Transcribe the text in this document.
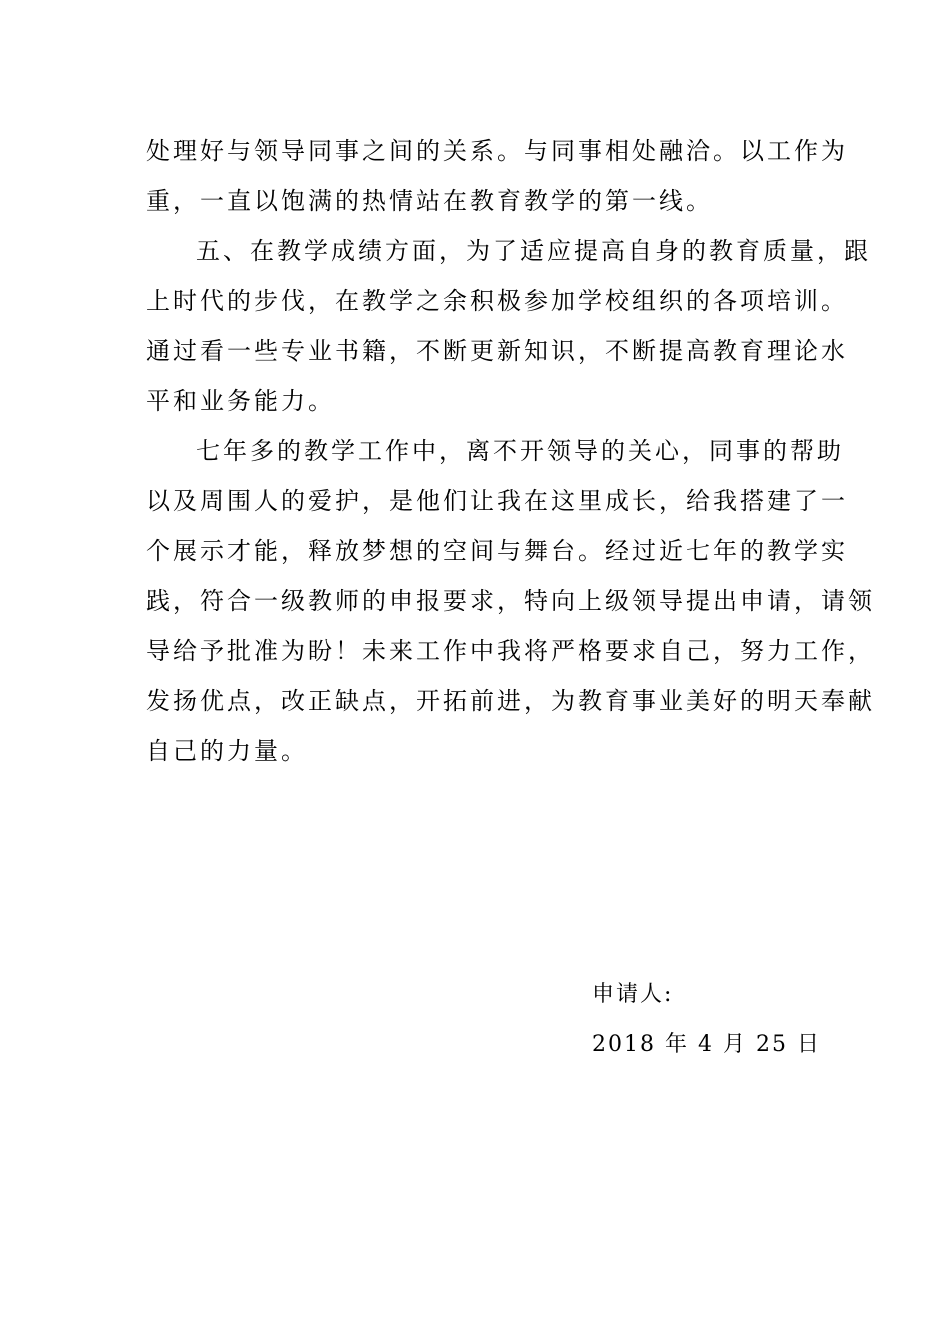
处理好与领导同事之间的关系。与同事相处融洽。以工作为
重，一直以饱满的热情站在教育教学的第一线。
五、在教学成绩方面，为了适应提高自身的教育质量，跟
上时代的步伐，在教学之余积极参加学校组织的各项培训。
通过看一些专业书籍，不断更新知识，不断提高教育理论水
平和业务能力。
七年多的教学工作中，离不开领导的关心，同事的帮助
以及周围人的爱护，是他们让我在这里成长，给我搭建了一
个展示才能，释放梦想的空间与舞台。经过近七年的教学实
践，符合一级教师的申报要求，特向上级领导提出申请，请领
导给予批准为盼！未来工作中我将严格要求自己，努力工作，
发扬优点，改正缺点，开拓前进，为教育事业美好的明天奉献
自己的力量。
申请人:
2018 年 4 月 25 日
